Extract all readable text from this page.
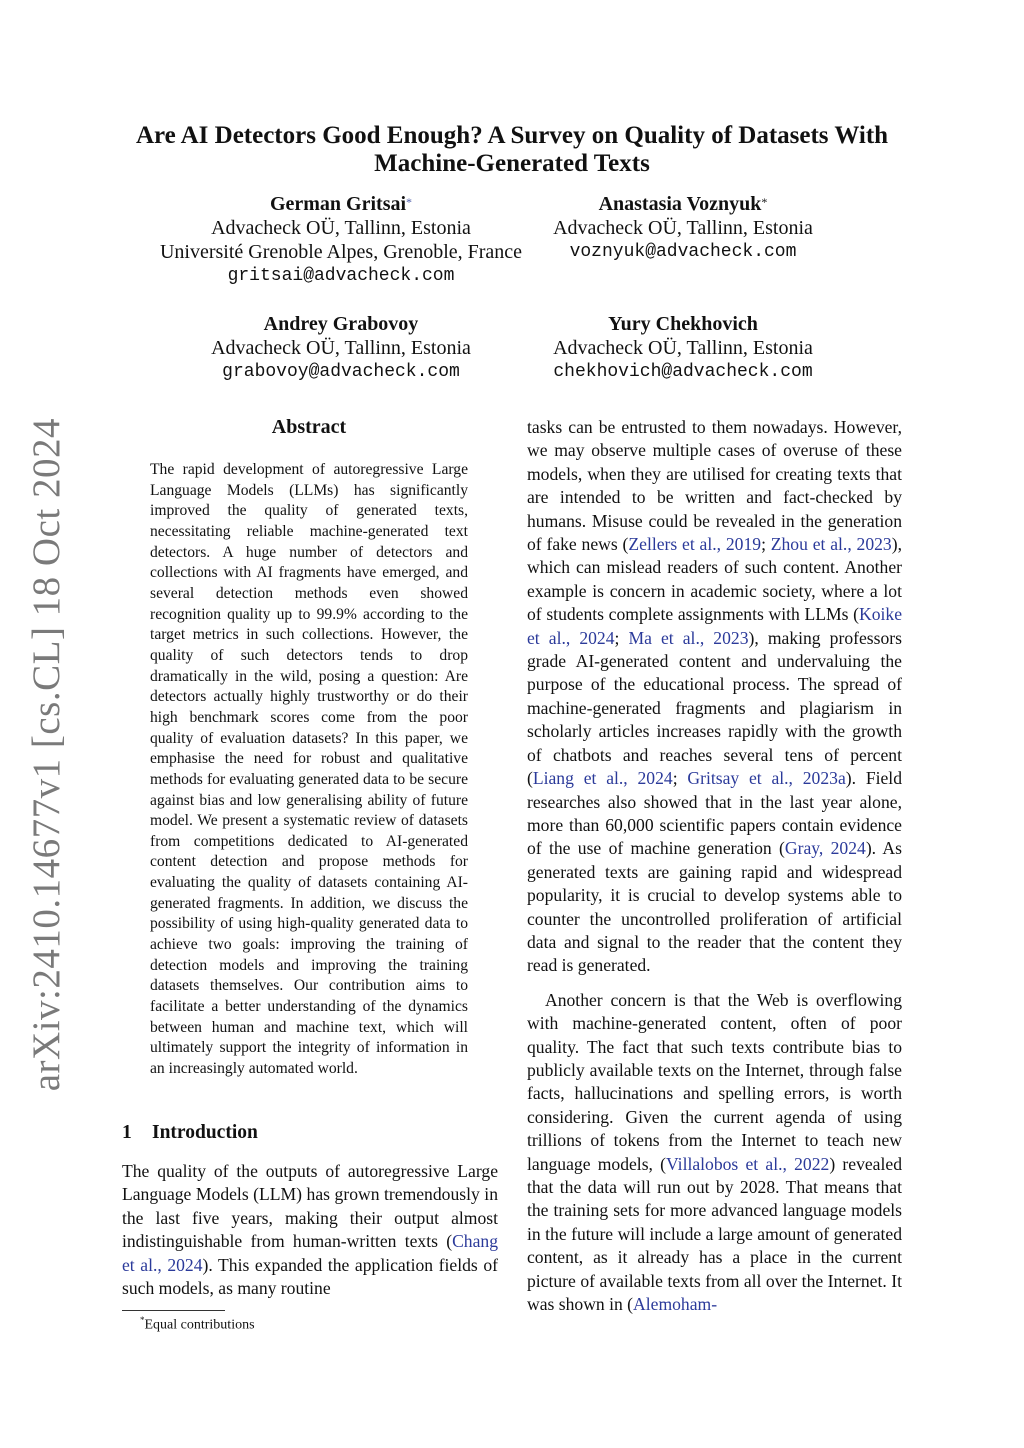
arXiv:2410.14677v1 [cs.CL] 18 Oct 2024
Are AI Detectors Good Enough? A Survey on Quality of Datasets With
Machine-Generated Texts
German Gritsai*
Advacheck OÜ, Tallinn, Estonia
Université Grenoble Alpes, Grenoble, France
gritsai@advacheck.com
Anastasia Voznyuk*
Advacheck OÜ, Tallinn, Estonia
voznyuk@advacheck.com
Andrey Grabovoy
Advacheck OÜ, Tallinn, Estonia
grabovoy@advacheck.com
Yury Chekhovich
Advacheck OÜ, Tallinn, Estonia
chekhovich@advacheck.com
Abstract

The rapid development of autoregressive Large Language Models (LLMs) has significantly improved the quality of generated texts, necessitating reliable machine-generated text detectors. A huge number of detectors and collections with AI fragments have emerged, and several detection methods even showed recognition quality up to 99.9% according to the target metrics in such collections. However, the quality of such detectors tends to drop dramatically in the wild, posing a question: Are detectors actually highly trustworthy or do their high benchmark scores come from the poor quality of evaluation datasets? In this paper, we emphasise the need for robust and qualitative methods for evaluating generated data to be secure against bias and low generalising ability of future model. We present a systematic review of datasets from competitions dedicated to AI-generated content detection and propose methods for evaluating the quality of datasets containing AI-generated fragments. In addition, we discuss the possibility of using high-quality generated data to achieve two goals: improving the training of detection models and improving the training datasets themselves. Our contribution aims to facilitate a better understanding of the dynamics between human and machine text, which will ultimately support the integrity of information in an increasingly automated world.

1 Introduction

The quality of the outputs of autoregressive Large Language Models (LLM) has grown tremendously in the last five years, making their output almost indistinguishable from human-written texts (Chang et al., 2024). This expanded the application fields of such models, as many routine

tasks can be entrusted to them nowadays. However, we may observe multiple cases of overuse of these models, when they are utilised for creating texts that are intended to be written and fact-checked by humans. Misuse could be revealed in the generation of fake news (Zellers et al., 2019; Zhou et al., 2023), which can mislead readers of such content. Another example is concern in academic society, where a lot of students complete assignments with LLMs (Koike et al., 2024; Ma et al., 2023), making professors grade AI-generated content and undervaluing the purpose of the educational process. The spread of machine-generated fragments and plagiarism in scholarly articles increases rapidly with the growth of chatbots and reaches several tens of percent (Liang et al., 2024; Gritsay et al., 2023a). Field researches also showed that in the last year alone, more than 60,000 scientific papers contain evidence of the use of machine generation (Gray, 2024). As generated texts are gaining rapid and widespread popularity, it is crucial to develop systems able to counter the uncontrolled proliferation of artificial data and signal to the reader that the content they read is generated.

Another concern is that the Web is overflowing with machine-generated content, often of poor quality. The fact that such texts contribute bias to publicly available texts on the Internet, through false facts, hallucinations and spelling errors, is worth considering. Given the current agenda of using trillions of tokens from the Internet to teach new language models, (Villalobos et al., 2022) revealed that the data will run out by 2028. That means that the training sets for more advanced language models in the future will include a large amount of generated content, as it already has a place in the current picture of available texts from all over the Internet. It was shown in (Alemoham-

*Equal contributions
